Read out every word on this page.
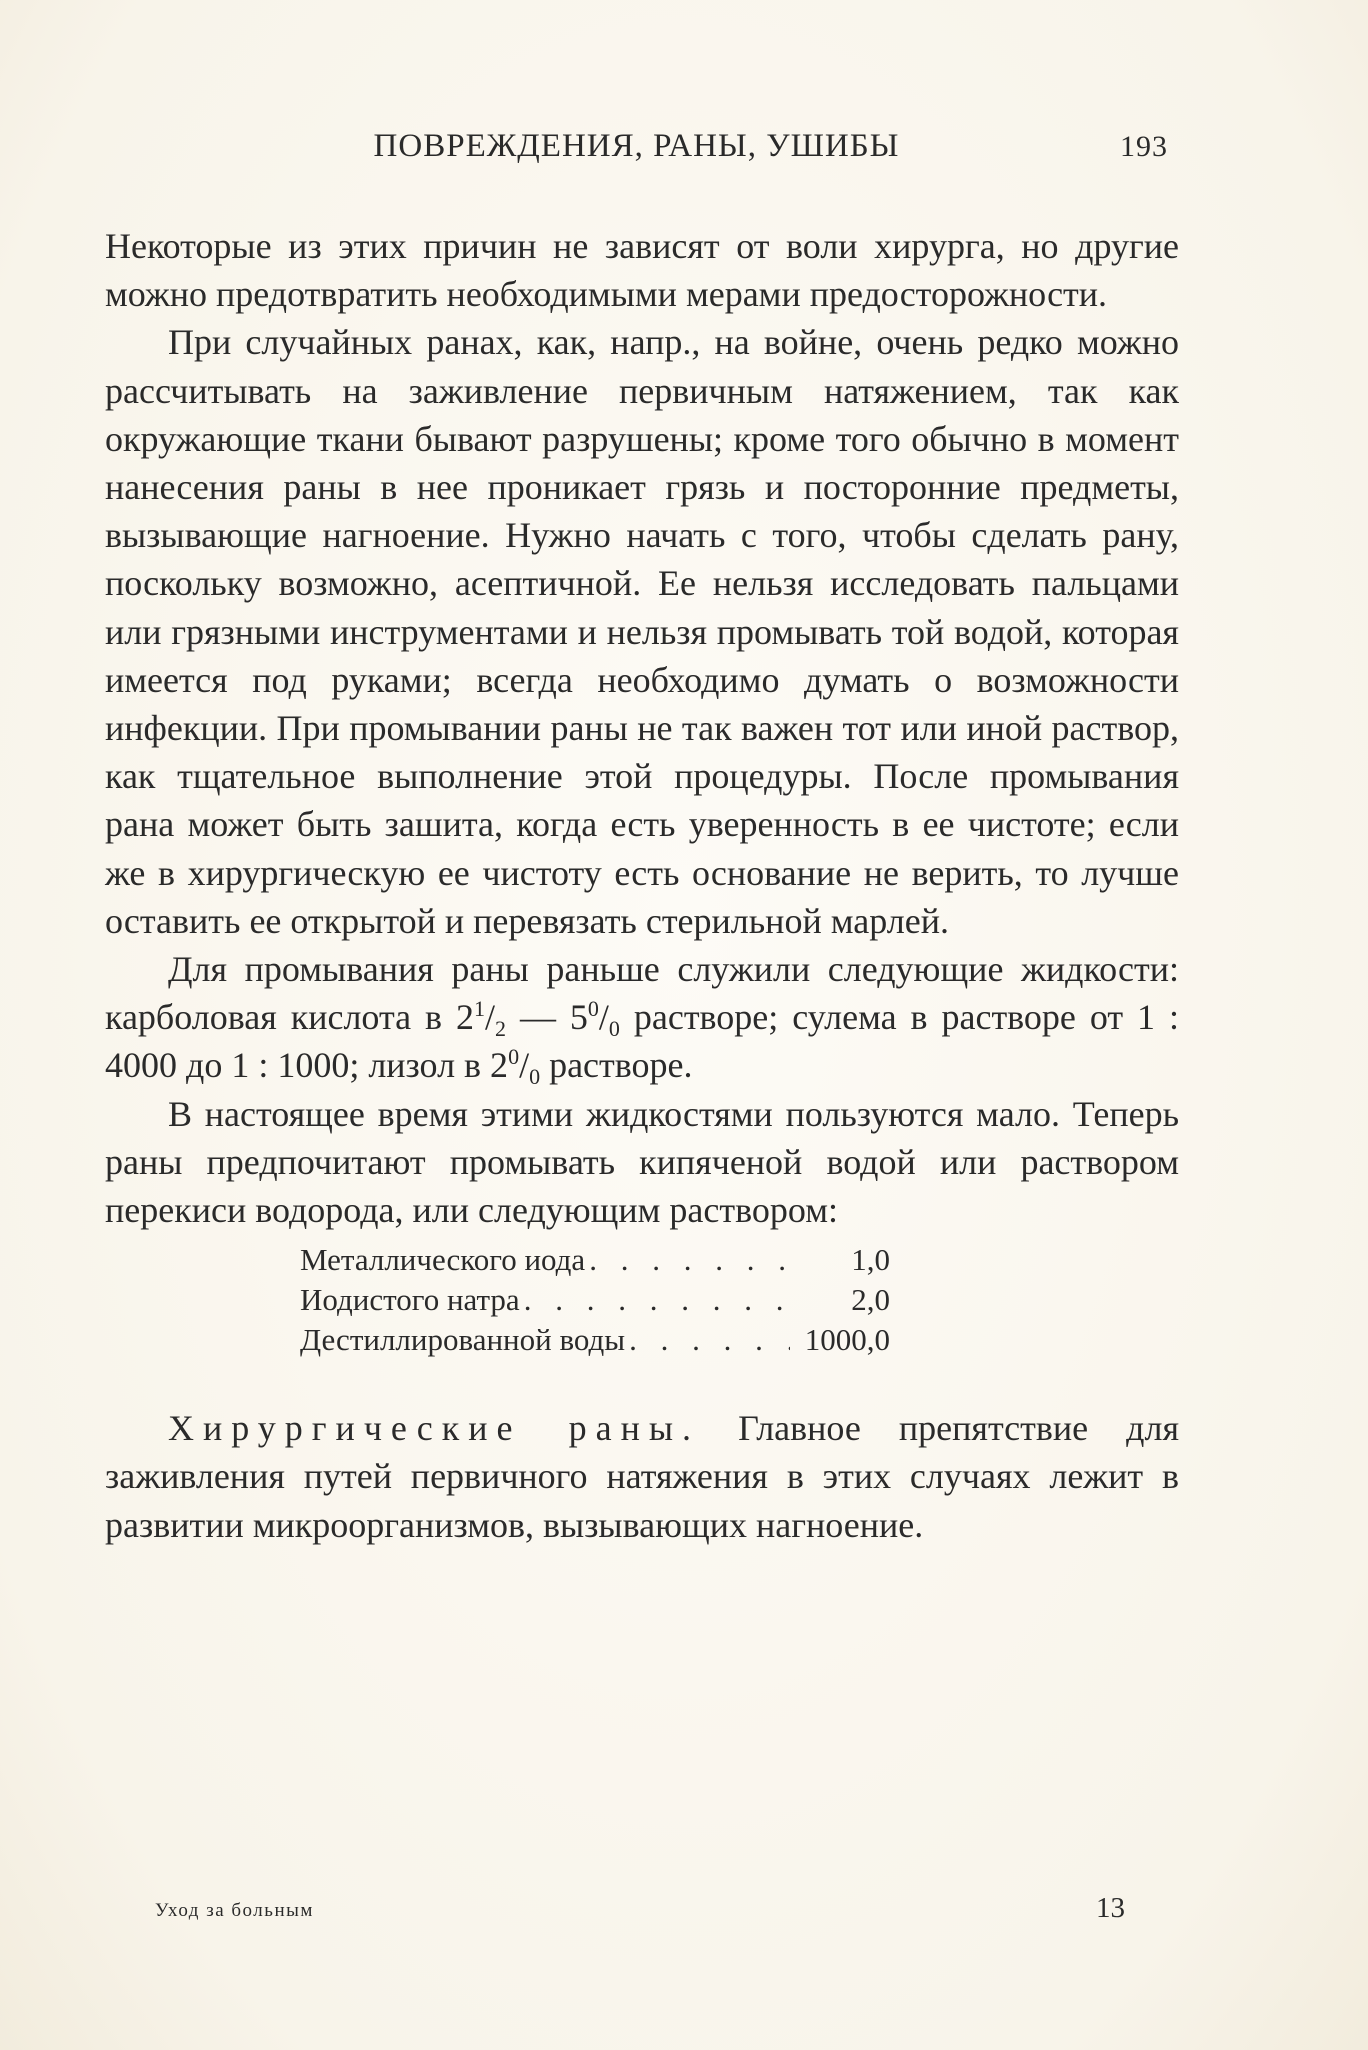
ПОВРЕЖДЕНИЯ, РАНЫ, УШИБЫ	193

Некоторые из этих причин не зависят от воли хирурга, но другие можно предотвратить необходимыми мерами предосторожности.

При случайных ранах, как, напр., на войне, очень редко можно рассчитывать на заживление первичным натяжением, так как окружающие ткани бывают разрушены; кроме того обычно в момент нанесения раны в нее проникает грязь и посторонние предметы, вызывающие нагноение. Нужно начать с того, чтобы сделать рану, поскольку возможно, асептичной. Ее нельзя исследовать пальцами или грязными инструментами и нельзя промывать той водой, которая имеется под руками; всегда необходимо думать о возможности инфекции. При промывании раны не так важен тот или иной раствор, как тщательное выполнение этой процедуры. После промывания рана может быть зашита, когда есть уверенность в ее чистоте; если же в хирургическую ее чистоту есть основание не верить, то лучше оставить ее открытой и перевязать стерильной марлей.

Для промывания раны раньше служили следующие жидкости: карболовая кислота в $2^1/_2$ — $5^0/_0$ растворе; сулема в растворе от 1 : 4000 до 1 : 1000; лизол в $2^0/_0$ растворе.

В настоящее время этими жидкостями пользуются мало. Теперь раны предпочитают промывать кипяченой водой или раствором перекиси водорода, или следующим раствором:

Металлического иода . . .	1,0
Иодистого натра . . .	2,0
Дестиллированной воды . . .	1000,0

Хирургические раны. Главное препятствие для заживления путей первичного натяжения в этих случаях лежит в развитии микроорганизмов, вызывающих нагноение.

Уход за больным	13
